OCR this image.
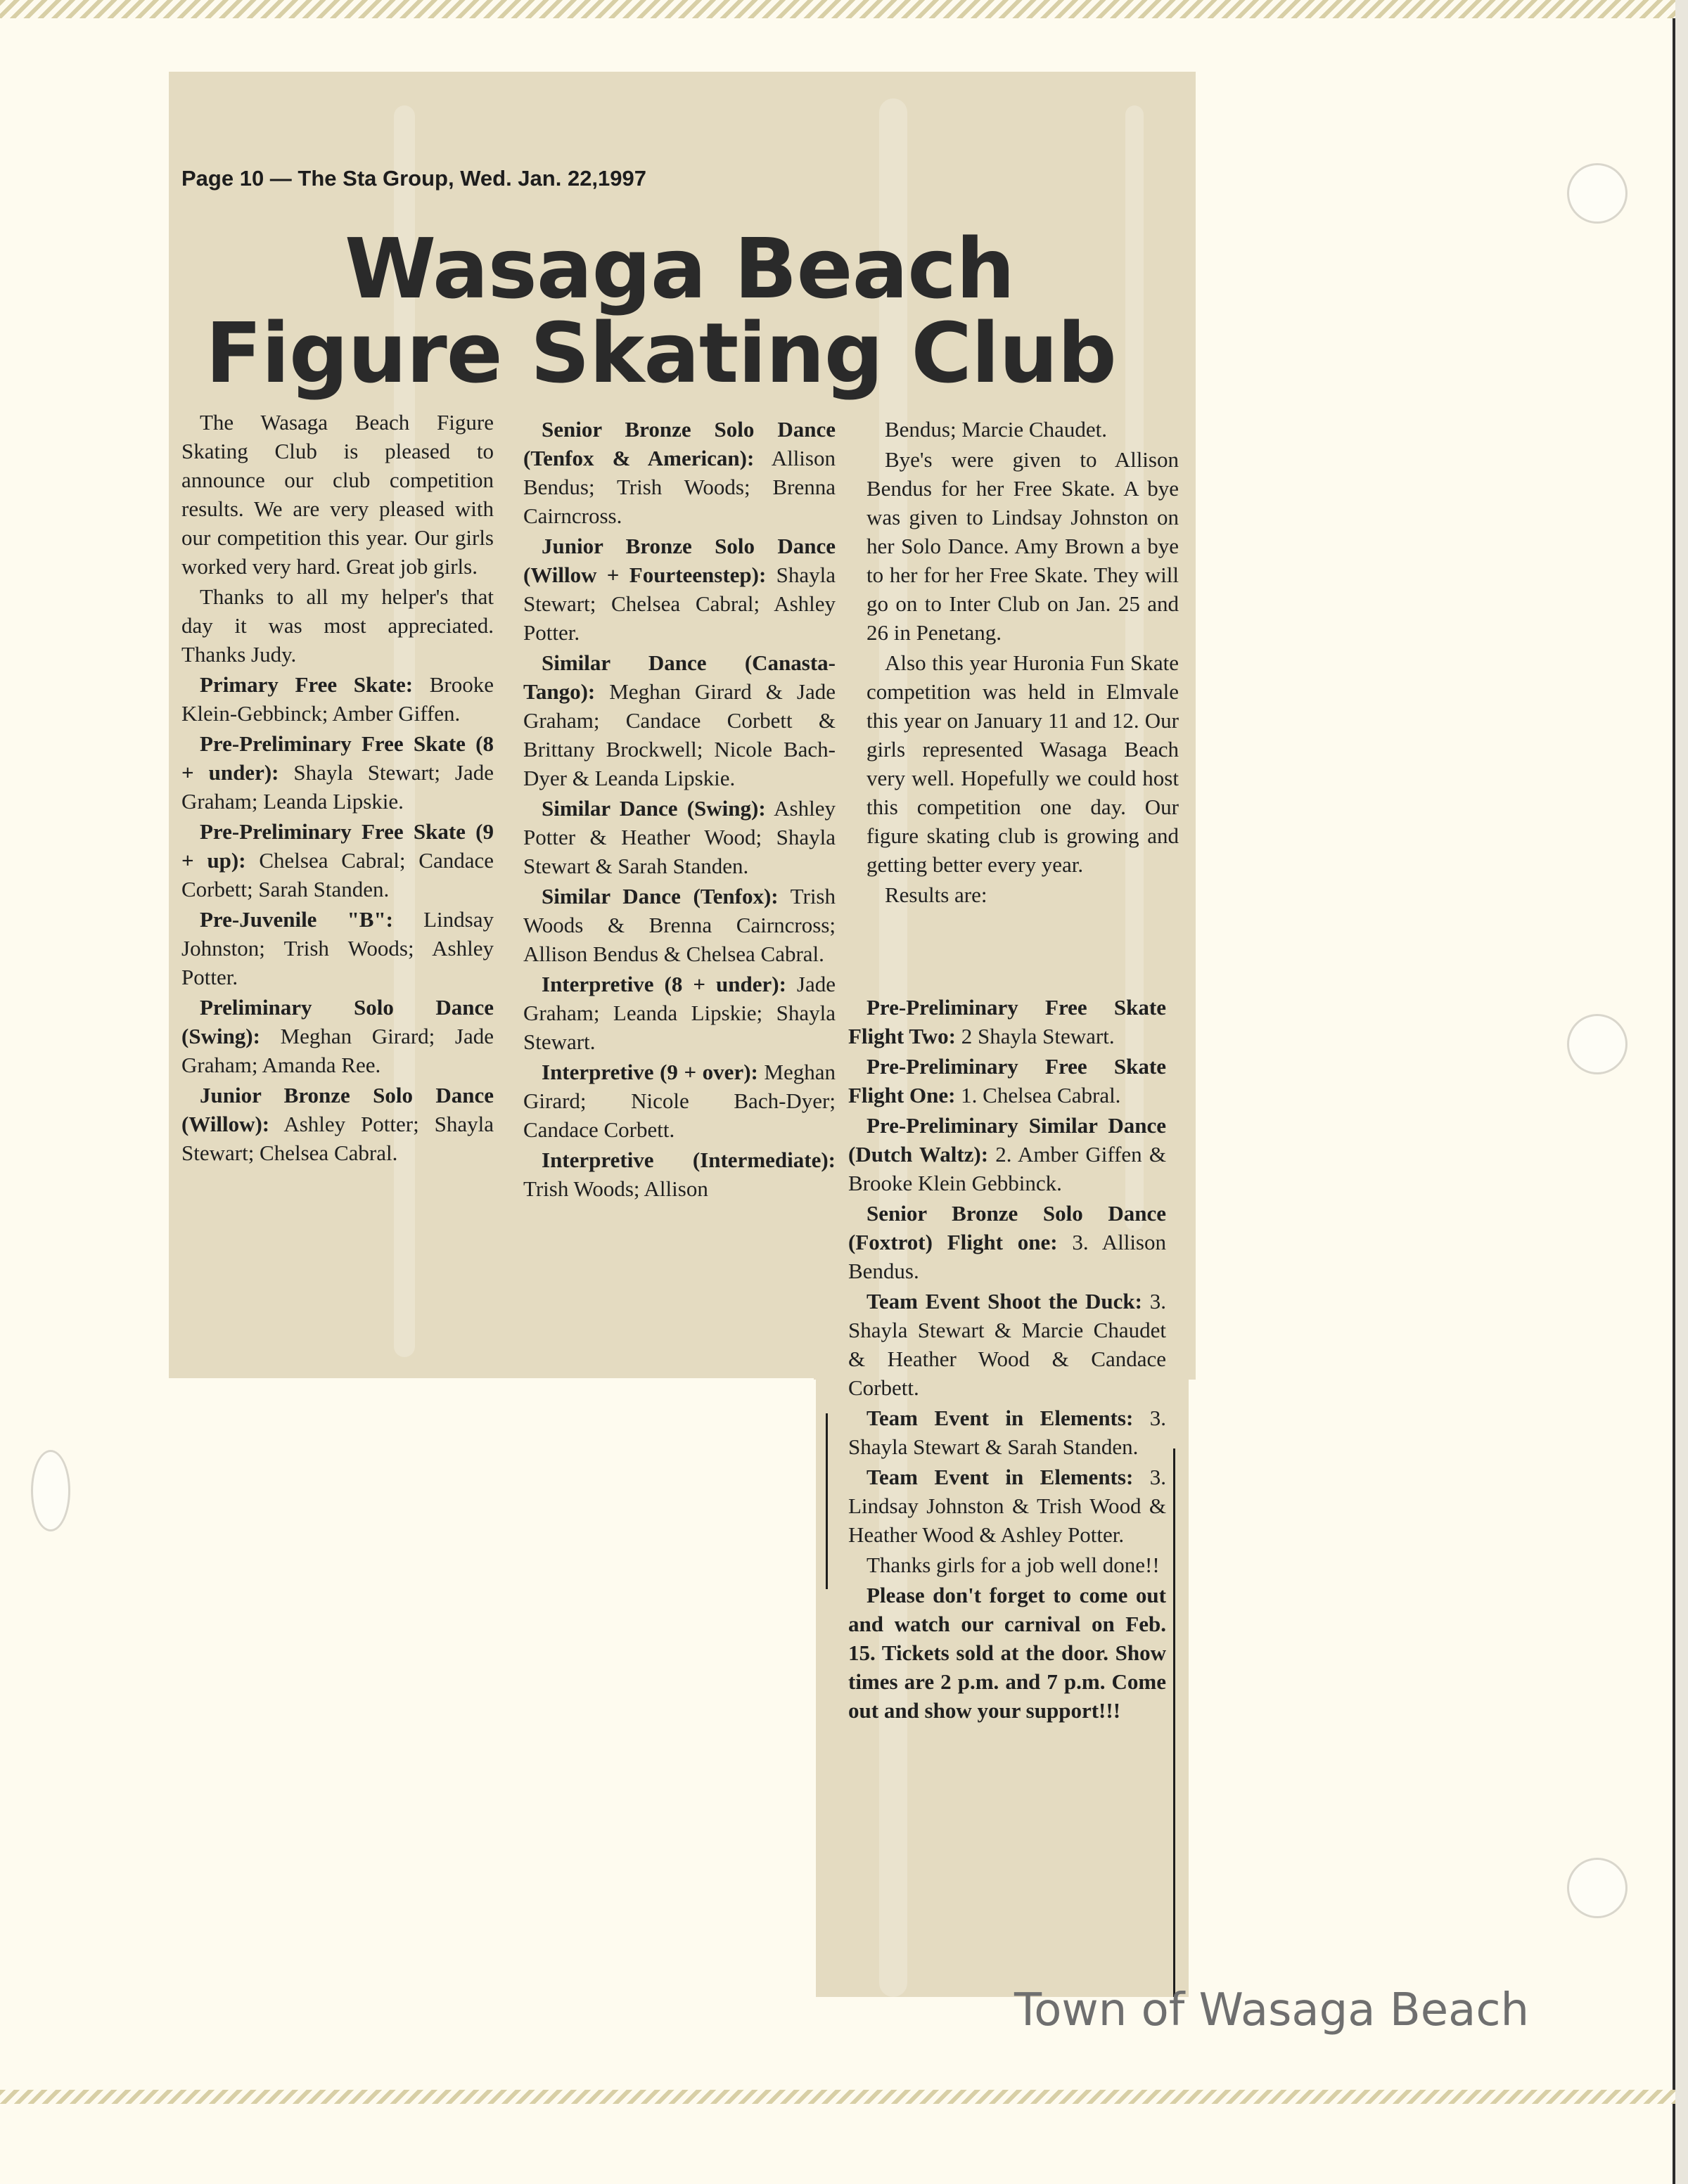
Page 10 — The Sta Group, Wed. Jan. 22,1997
Wasaga Beach
Figure Skating Club

The Wasaga Beach Figure Skating Club is pleased to announce our club competition results. We are very pleased with our competition this year. Our girls worked very hard. Great job girls.

Thanks to all my helper's that day it was most appreciated. Thanks Judy.

Primary Free Skate: Brooke Klein-Gebbinck; Amber Giffen.

Pre-Preliminary Free Skate (8 + under): Shayla Stewart; Jade Graham; Leanda Lipskie.

Pre-Preliminary Free Skate (9 + up): Chelsea Cabral; Candace Corbett; Sarah Standen.

Pre-Juvenile "B": Lindsay Johnston; Trish Woods; Ashley Potter.

Preliminary Solo Dance (Swing): Meghan Girard; Jade Graham; Amanda Ree.

Junior Bronze Solo Dance (Willow): Ashley Potter; Shayla Stewart; Chelsea Cabral.

Senior Bronze Solo Dance (Tenfox & American): Allison Bendus; Trish Woods; Brenna Cairncross.

Junior Bronze Solo Dance (Willow + Fourteenstep): Shayla Stewart; Chelsea Cabral; Ashley Potter.

Similar Dance (Canasta-Tango): Meghan Girard & Jade Graham; Candace Corbett & Brittany Brockwell; Nicole Bach-Dyer & Leanda Lipskie.

Similar Dance (Swing): Ashley Potter & Heather Wood; Shayla Stewart & Sarah Standen.

Similar Dance (Tenfox): Trish Woods & Brenna Cairncross; Allison Bendus & Chelsea Cabral.

Interpretive (8 + under): Jade Graham; Leanda Lipskie; Shayla Stewart.

Interpretive (9 + over): Meghan Girard; Nicole Bach-Dyer; Candace Corbett.

Interpretive (Intermediate): Trish Woods; Allison

Bendus; Marcie Chaudet.

Bye's were given to Allison Bendus for her Free Skate. A bye was given to Lindsay Johnston on her Solo Dance. Amy Brown a bye to her for her Free Skate. They will go on to Inter Club on Jan. 25 and 26 in Penetang.

Also this year Huronia Fun Skate competition was held in Elmvale this year on January 11 and 12. Our girls represented Wasaga Beach very well. Hopefully we could host this competition one day. Our figure skating club is growing and getting better every year.

Results are:

Pre-Preliminary Free Skate Flight Two: 2 Shayla Stewart.

Pre-Preliminary Free Skate Flight One: 1. Chelsea Cabral.

Pre-Preliminary Similar Dance (Dutch Waltz): 2. Amber Giffen & Brooke Klein Gebbinck.

Senior Bronze Solo Dance (Foxtrot) Flight one: 3. Allison Bendus.

Team Event Shoot the Duck: 3. Shayla Stewart & Marcie Chaudet & Heather Wood & Candace Corbett.

Team Event in Elements: 3. Shayla Stewart & Sarah Standen.

Team Event in Elements: 3. Lindsay Johnston & Trish Wood & Heather Wood & Ashley Potter.

Thanks girls for a job well done!!

Please don't forget to come out and watch our carnival on Feb. 15. Tickets sold at the door. Show times are 2 p.m. and 7 p.m. Come out and show your support!!!

Town of Wasaga Beach
